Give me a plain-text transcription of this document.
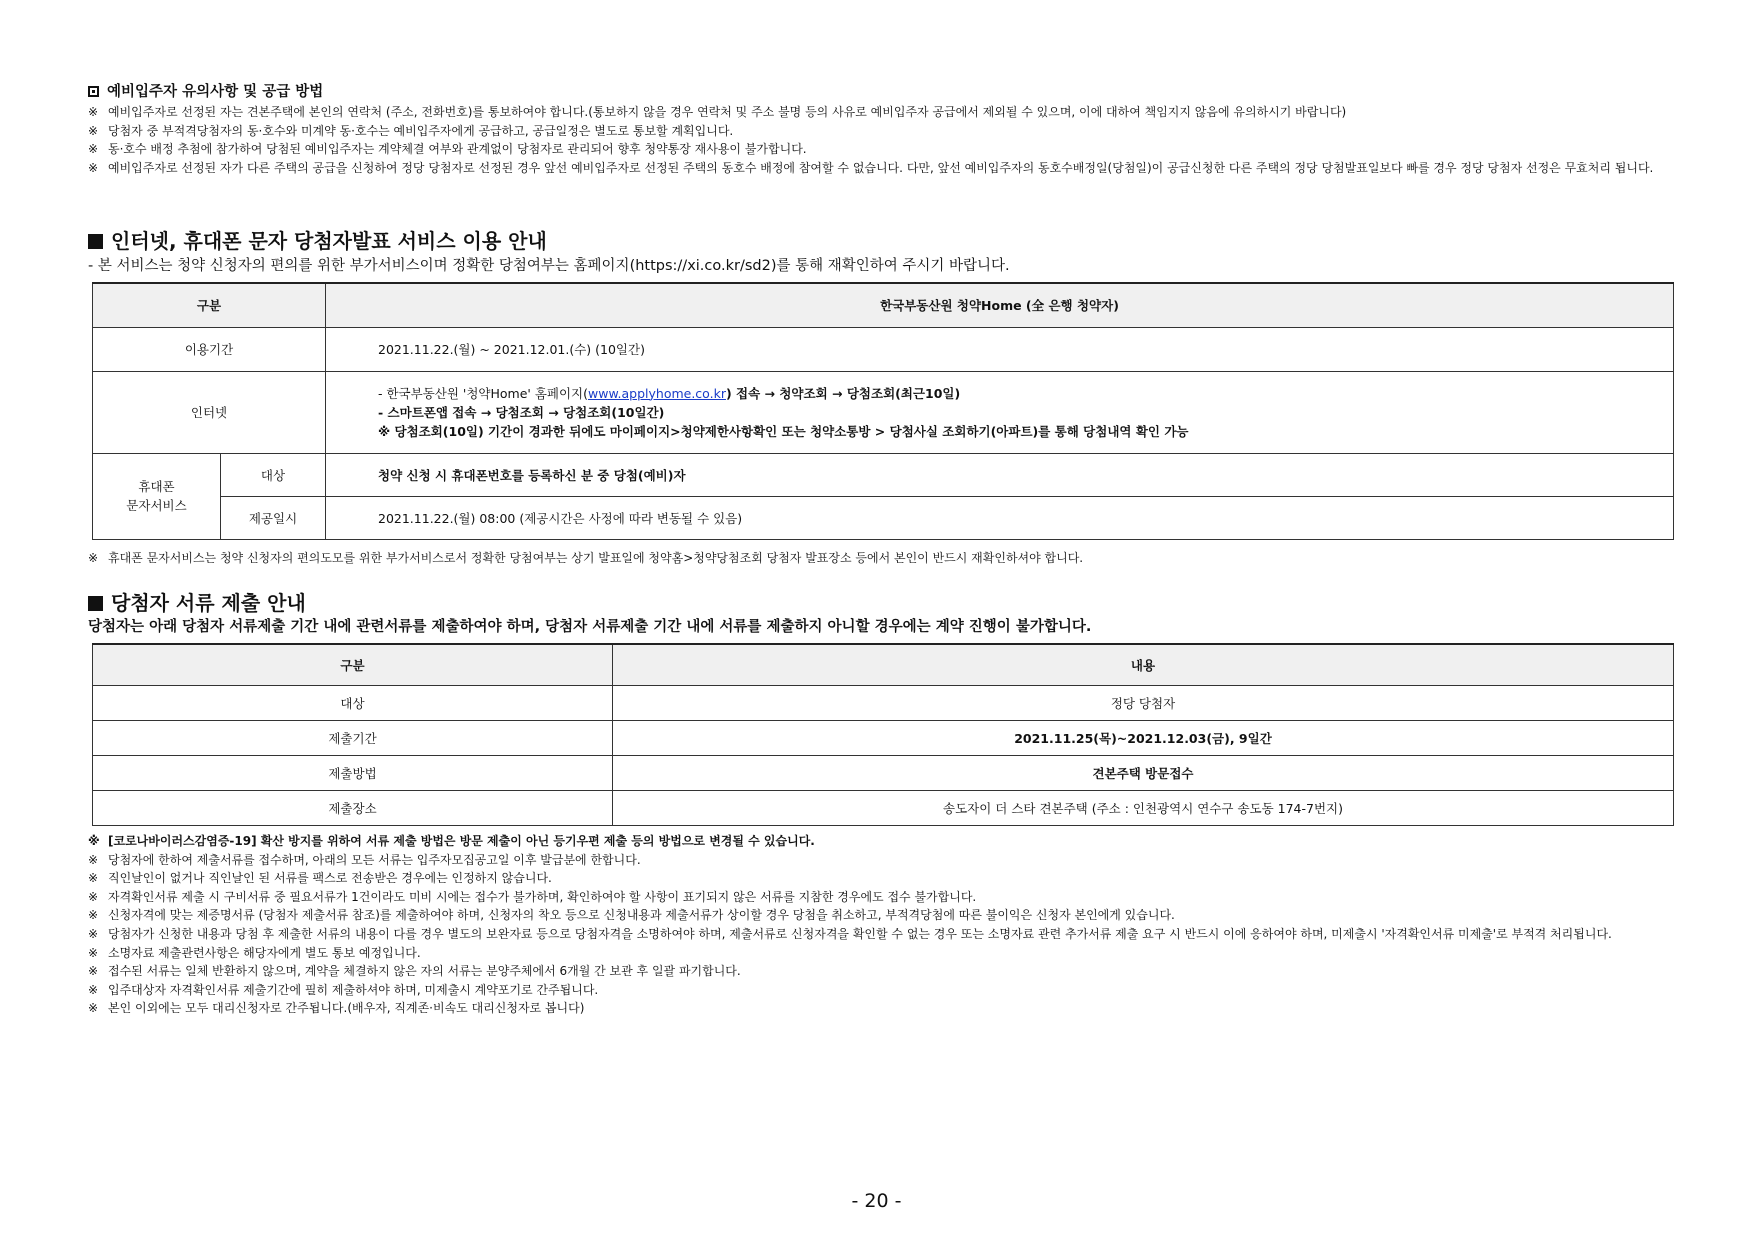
예비입주자 유의사항 및 공급 방법
※ 예비입주자로 선정된 자는 견본주택에 본인의 연락처 (주소, 전화번호)를 통보하여야 합니다.(통보하지 않을 경우 연락처 및 주소 불명 등의 사유로 예비입주자 공급에서 제외될 수 있으며, 이에 대하여 책임지지 않음에 유의하시기 바랍니다)
※ 당첨자 중 부적격당첨자의 동·호수와 미계약 동·호수는 예비입주자에게 공급하고, 공급일정은 별도로 통보할 계획입니다.
※ 동·호수 배정 추첨에 참가하여 당첨된 예비입주자는 계약체결 여부와 관계없이 당첨자로 관리되어 향후 청약통장 재사용이 불가합니다.
※ 예비입주자로 선정된 자가 다른 주택의 공급을 신청하여 정당 당첨자로 선정된 경우 앞선 예비입주자로 선정된 주택의 동호수 배정에 참여할 수 없습니다. 다만, 앞선 예비입주자의 동호수배정일(당첨일)이 공급신청한 다른 주택의 정당 당첨발표일보다 빠를 경우 정당 당첨자 선정은 무효처리 됩니다.
인터넷, 휴대폰 문자 당첨자발표 서비스 이용 안내
- 본 서비스는 청약 신청자의 편의를 위한 부가서비스이며 정확한 당첨여부는 홈페이지(https://xi.co.kr/sd2)를 통해 재확인하여 주시기 바랍니다.
구분		한국부동산원 청약Home (全 은행 청약자)
이용기간		2021.11.22.(월) ~ 2021.12.01.(수) (10일간)
인터넷		- 한국부동산원 '청약Home' 홈페이지(www.applyhome.co.kr) 접속 → 청약조회 → 당첨조회(최근10일)
- 스마트폰앱 접속 → 당첨조회 → 당첨조회(10일간)
※ 당첨조회(10일) 기간이 경과한 뒤에도 마이페이지>청약제한사항확인 또는 청약소통방 > 당첨사실 조회하기(아파트)를 통해 당첨내역 확인 가능

휴대폰
문자서비스	대상	청약 신청 시 휴대폰번호를 등록하신 분 중 당첨(예비)자
	제공일시	2021.11.22.(월) 08:00 (제공시간은 사정에 따라 변동될 수 있음)
※ 휴대폰 문자서비스는 청약 신청자의 편의도모를 위한 부가서비스로서 정확한 당첨여부는 상기 발표일에 청약홈>청약당첨조회 당첨자 발표장소 등에서 본인이 반드시 재확인하셔야 합니다.
당첨자 서류 제출 안내
당첨자는 아래 당첨자 서류제출 기간 내에 관련서류를 제출하여야 하며, 당첨자 서류제출 기간 내에 서류를 제출하지 아니할 경우에는 계약 진행이 불가합니다.
구분	내용
대상	정당 당첨자
제출기간	2021.11.25(목)~2021.12.03(금), 9일간
제출방법	견본주택 방문접수
제출장소	송도자이 더 스타 견본주택 (주소 : 인천광역시 연수구 송도동 174-7번지)
※ [코로나바이러스감염증-19] 확산 방지를 위하여 서류 제출 방법은 방문 제출이 아닌 등기우편 제출 등의 방법으로 변경될 수 있습니다.
※ 당첨자에 한하여 제출서류를 접수하며, 아래의 모든 서류는 입주자모집공고일 이후 발급분에 한합니다.
※ 직인날인이 없거나 직인날인 된 서류를 팩스로 전송받은 경우에는 인정하지 않습니다.
※ 자격확인서류 제출 시 구비서류 중 필요서류가 1건이라도 미비 시에는 접수가 불가하며, 확인하여야 할 사항이 표기되지 않은 서류를 지참한 경우에도 접수 불가합니다.
※ 신청자격에 맞는 제증명서류 (당첨자 제출서류 참조)를 제출하여야 하며, 신청자의 착오 등으로 신청내용과 제출서류가 상이할 경우 당첨을 취소하고, 부적격당첨에 따른 불이익은 신청자 본인에게 있습니다.
※ 당첨자가 신청한 내용과 당첨 후 제출한 서류의 내용이 다를 경우 별도의 보완자료 등으로 당첨자격을 소명하여야 하며, 제출서류로 신청자격을 확인할 수 없는 경우 또는 소명자료 관련 추가서류 제출 요구 시 반드시 이에 응하여야 하며, 미제출시 '자격확인서류 미제출'로 부적격 처리됩니다.
※ 소명자료 제출관련사항은 해당자에게 별도 통보 예정입니다.
※ 접수된 서류는 일체 반환하지 않으며, 계약을 체결하지 않은 자의 서류는 분양주체에서 6개월 간 보관 후 일괄 파기합니다.
※ 입주대상자 자격확인서류 제출기간에 필히 제출하셔야 하며, 미제출시 계약포기로 간주됩니다.
※ 본인 이외에는 모두 대리신청자로 간주됩니다.(배우자, 직계존·비속도 대리신청자로 봅니다)
- 20 -
